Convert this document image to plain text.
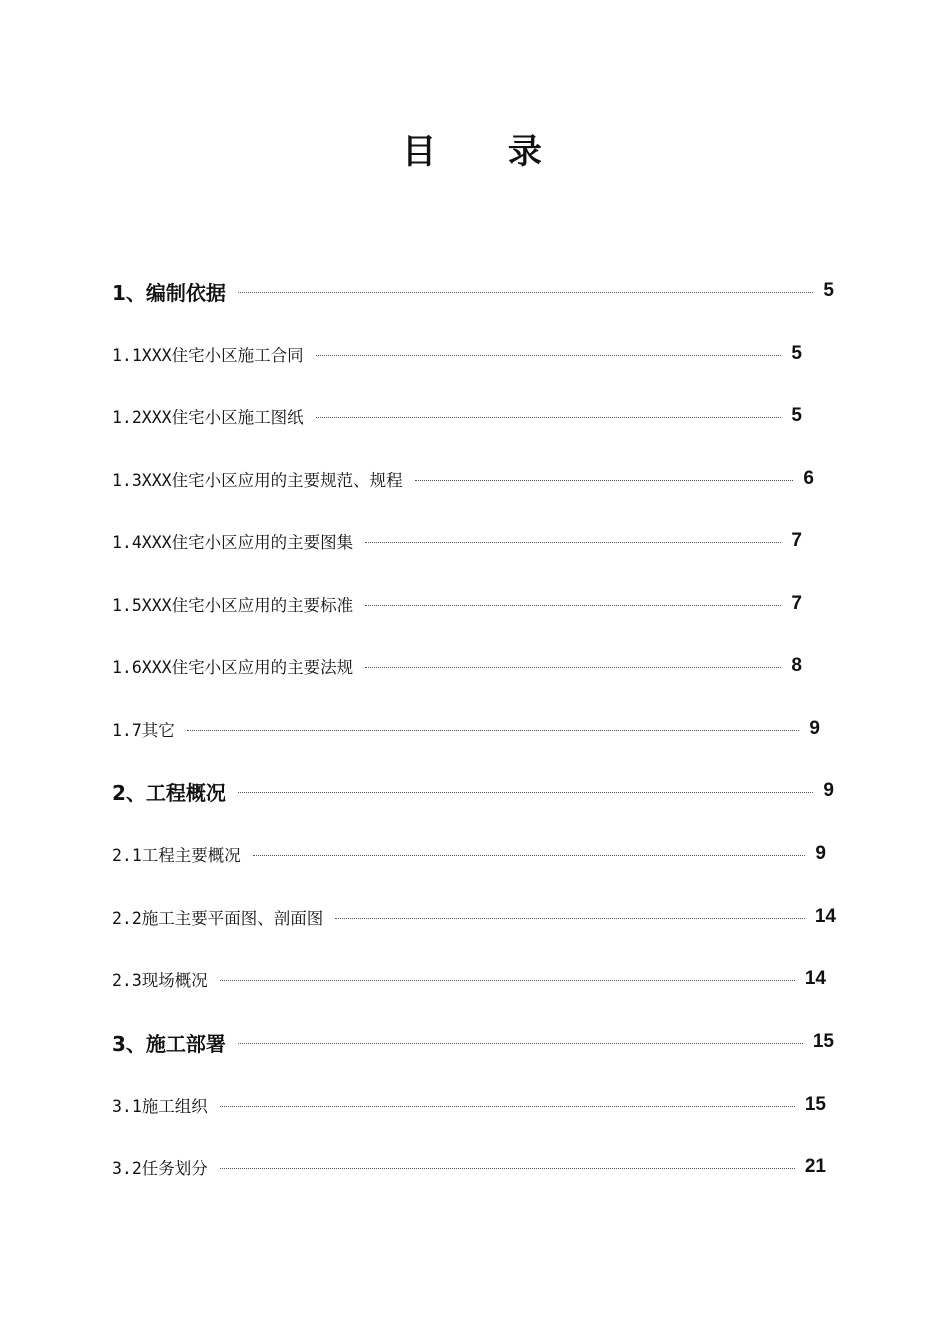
目 录
1、编制依据	5
1.1XXX住宅小区施工合同	5
1.2XXX住宅小区施工图纸	5
1.3XXX住宅小区应用的主要规范、规程	6
1.4XXX住宅小区应用的主要图集	7
1.5XXX住宅小区应用的主要标准	7
1.6XXX住宅小区应用的主要法规	8
1.7其它	9
2、工程概况	9
2.1工程主要概况	9
2.2施工主要平面图、剖面图	14
2.3现场概况	14
3、施工部署	15
3.1施工组织	15
3.2任务划分	21
